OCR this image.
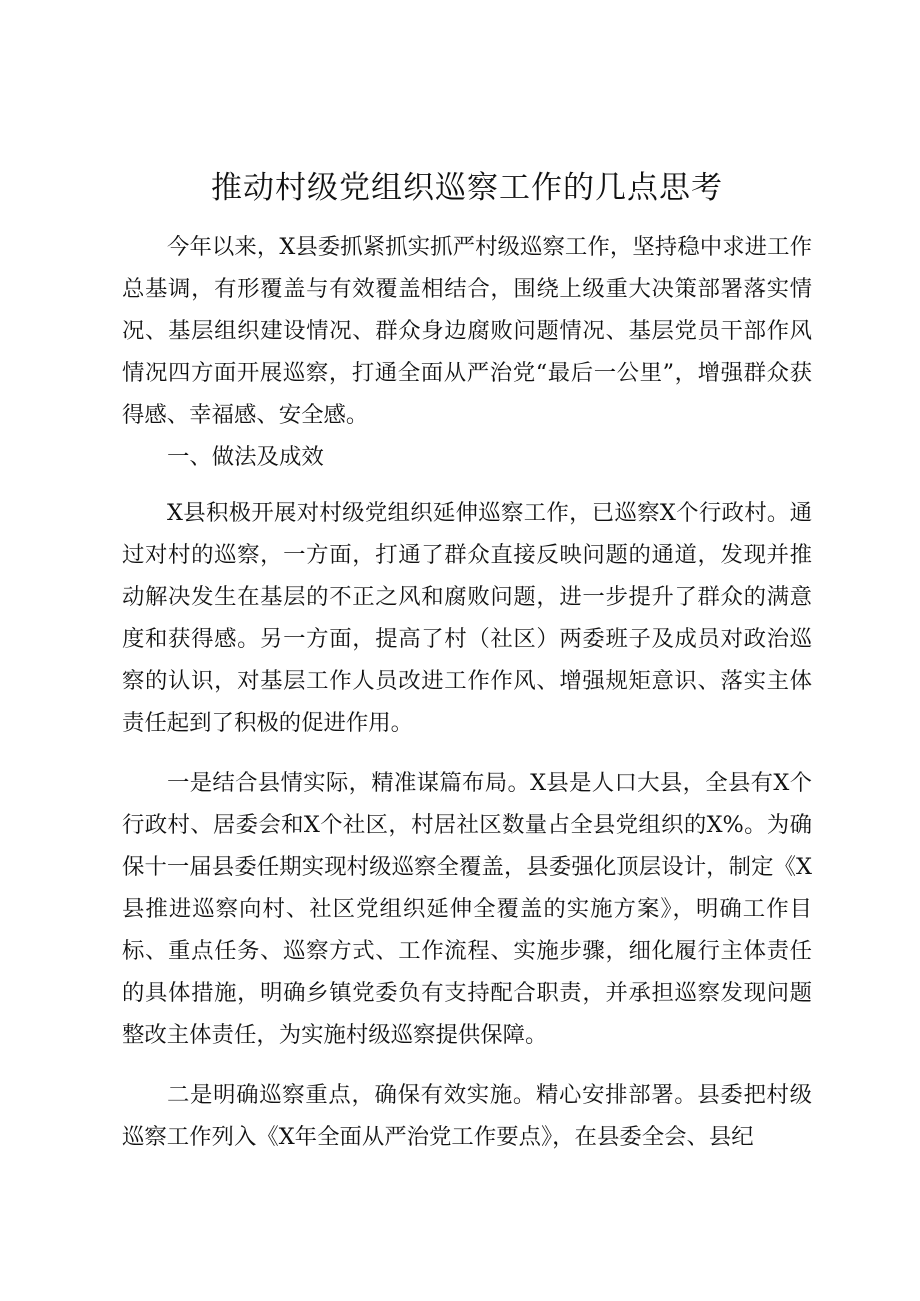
推动村级党组织巡察工作的几点思考

今年以来，X县委抓紧抓实抓严村级巡察工作，坚持稳中求进工作总基调，有形覆盖与有效覆盖相结合，围绕上级重大决策部署落实情况、基层组织建设情况、群众身边腐败问题情况、基层党员干部作风情况四方面开展巡察，打通全面从严治党“最后一公里”，增强群众获得感、幸福感、安全感。

一、做法及成效

X县积极开展对村级党组织延伸巡察工作，已巡察X个行政村。通过对村的巡察，一方面，打通了群众直接反映问题的通道，发现并推动解决发生在基层的不正之风和腐败问题，进一步提升了群众的满意度和获得感。另一方面，提高了村（社区）两委班子及成员对政治巡察的认识，对基层工作人员改进工作作风、增强规矩意识、落实主体责任起到了积极的促进作用。

一是结合县情实际，精准谋篇布局。X县是人口大县，全县有X个行政村、居委会和X个社区，村居社区数量占全县党组织的X%。为确保十一届县委任期实现村级巡察全覆盖，县委强化顶层设计，制定《X县推进巡察向村、社区党组织延伸全覆盖的实施方案》，明确工作目标、重点任务、巡察方式、工作流程、实施步骤，细化履行主体责任的具体措施，明确乡镇党委负有支持配合职责，并承担巡察发现问题整改主体责任，为实施村级巡察提供保障。

二是明确巡察重点，确保有效实施。精心安排部署。县委把村级巡察工作列入《X年全面从严治党工作要点》，在县委全会、县纪
